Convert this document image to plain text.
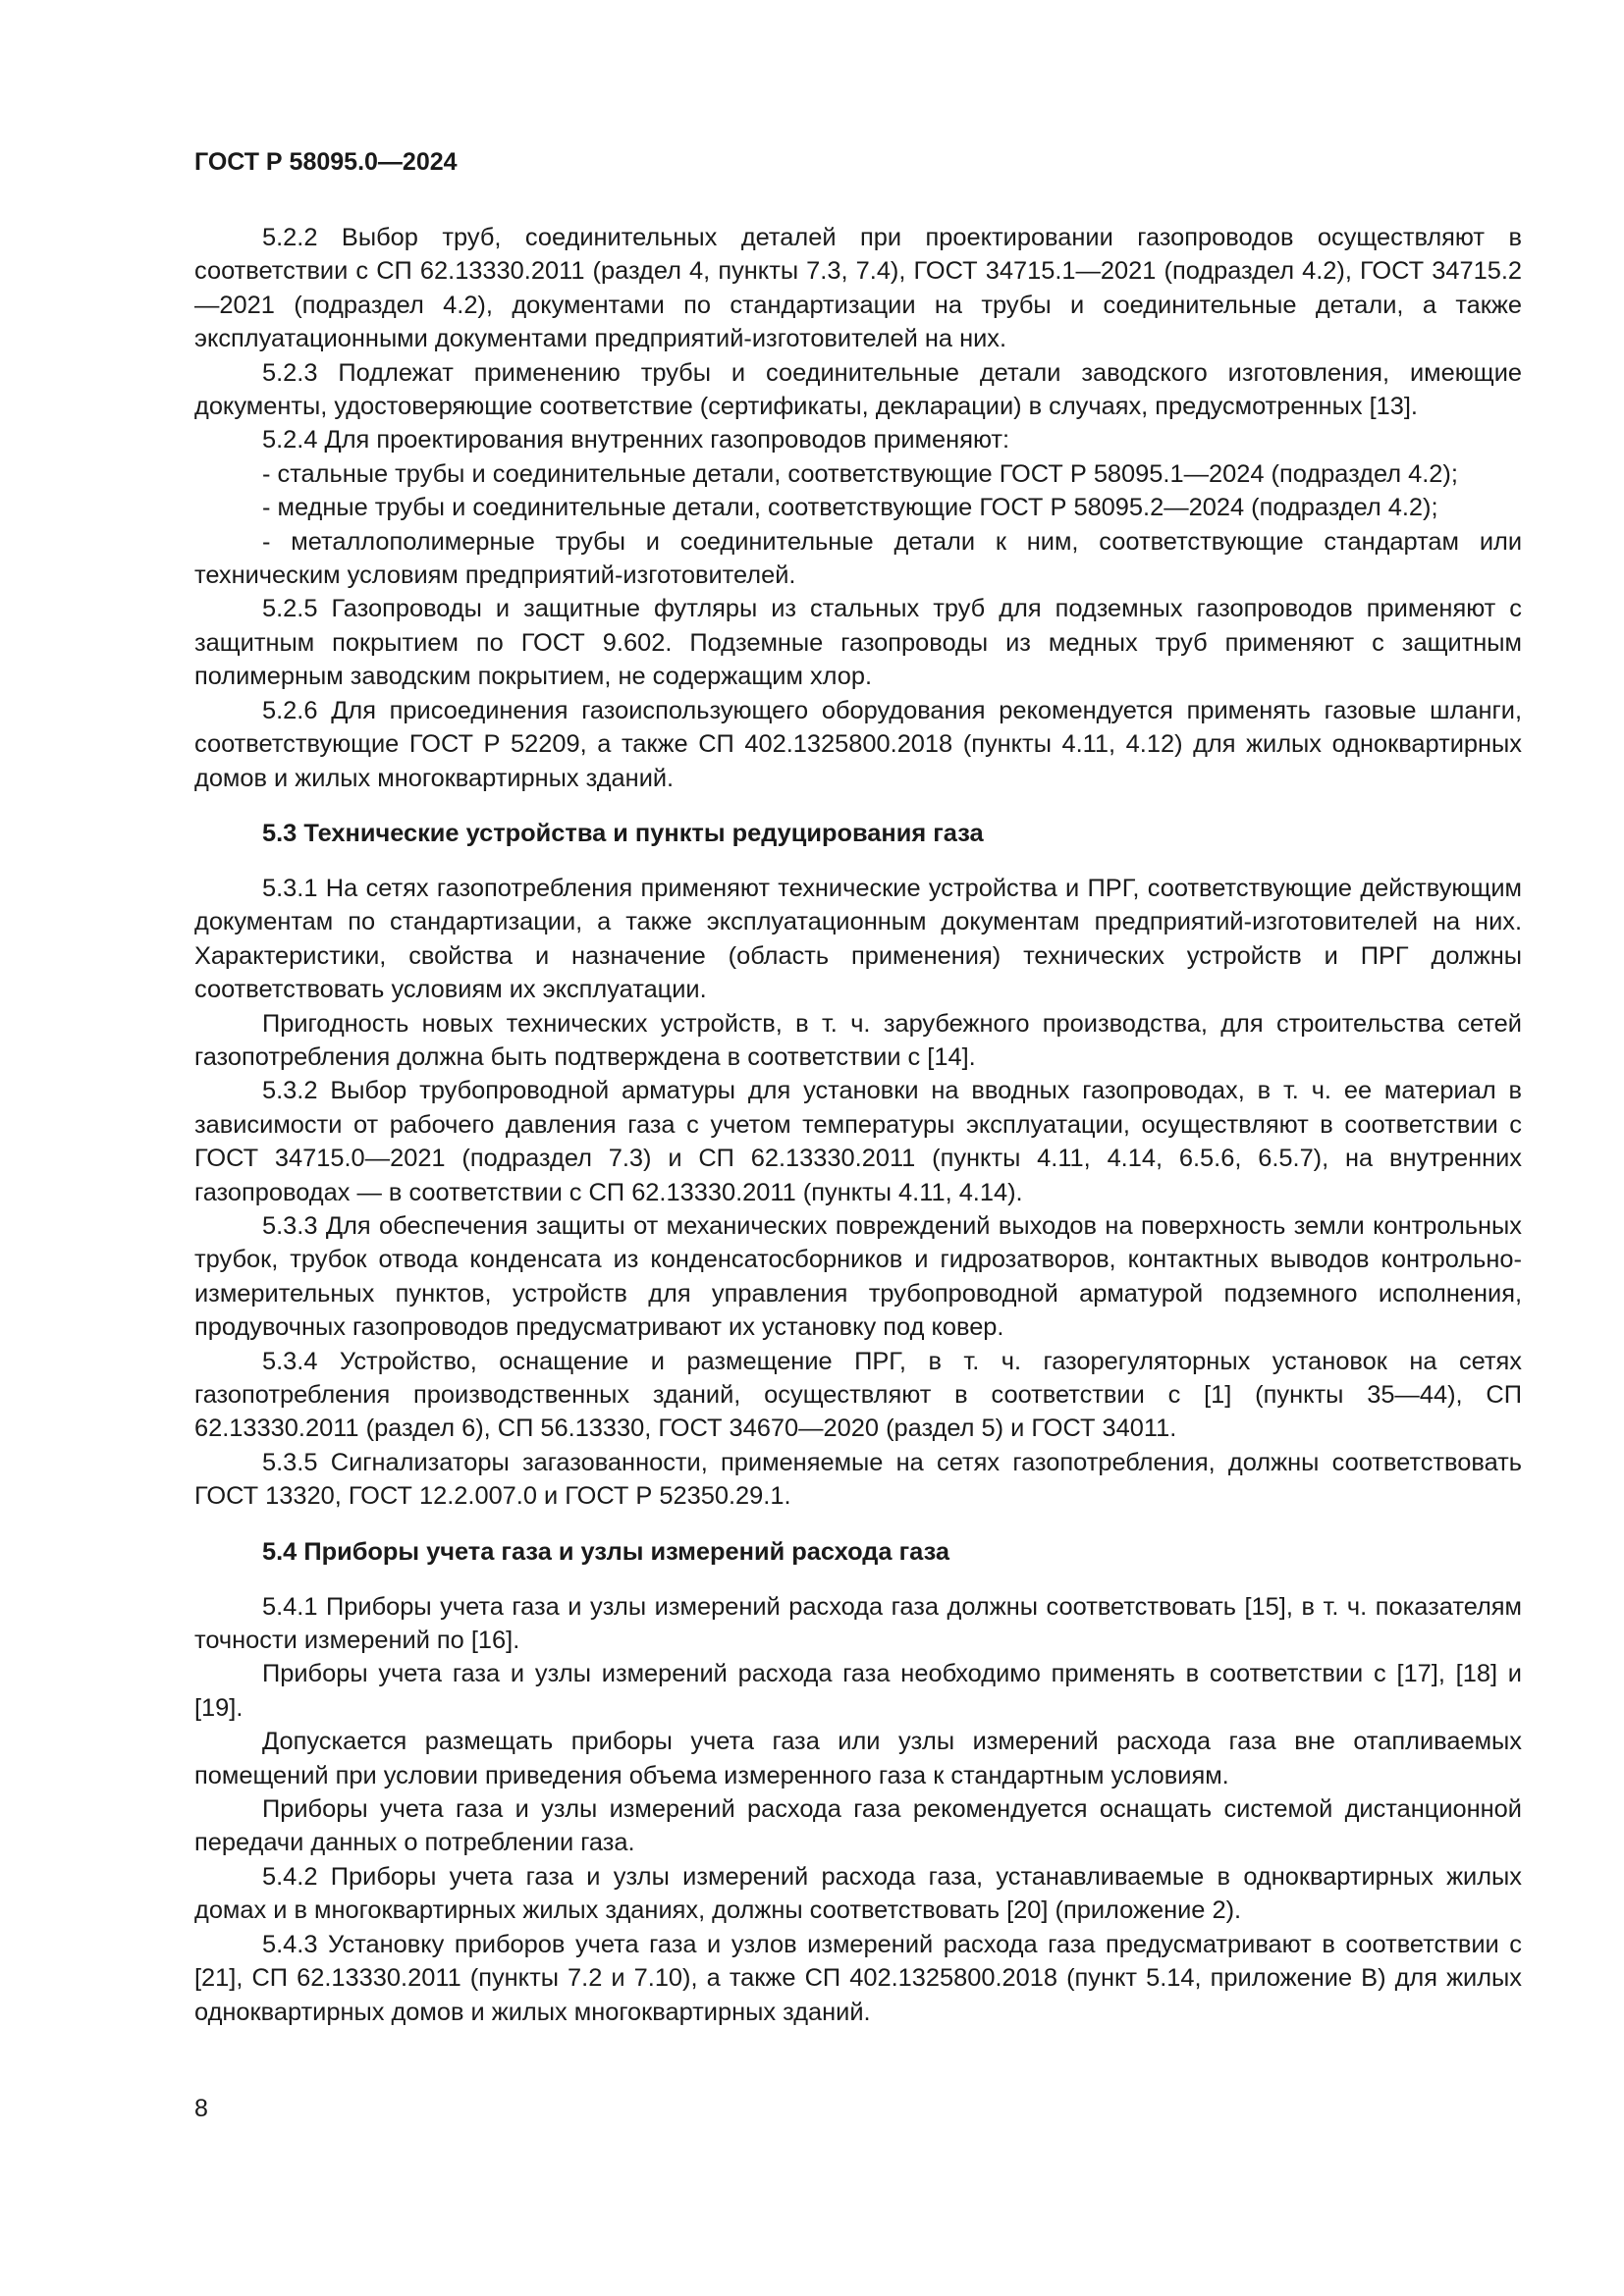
ГОСТ Р 58095.0—2024

5.2.2 Выбор труб, соединительных деталей при проектировании газопроводов осуществляют в соответствии с СП 62.13330.2011 (раздел 4, пункты 7.3, 7.4), ГОСТ 34715.1—2021 (подраздел 4.2), ГОСТ 34715.2—2021 (подраздел 4.2), документами по стандартизации на трубы и соединительные детали, а также эксплуатационными документами предприятий-изготовителей на них.

5.2.3 Подлежат применению трубы и соединительные детали заводского изготовления, имеющие документы, удостоверяющие соответствие (сертификаты, декларации) в случаях, предусмотренных [13].

5.2.4 Для проектирования внутренних газопроводов применяют:

- стальные трубы и соединительные детали, соответствующие ГОСТ Р 58095.1—2024 (подраздел 4.2);

- медные трубы и соединительные детали, соответствующие ГОСТ Р 58095.2—2024 (подраздел 4.2);

- металлополимерные трубы и соединительные детали к ним, соответствующие стандартам или техническим условиям предприятий-изготовителей.

5.2.5 Газопроводы и защитные футляры из стальных труб для подземных газопроводов применяют с защитным покрытием по ГОСТ 9.602. Подземные газопроводы из медных труб применяют с защитным полимерным заводским покрытием, не содержащим хлор.

5.2.6 Для присоединения газоиспользующего оборудования рекомендуется применять газовые шланги, соответствующие ГОСТ Р 52209, а также СП 402.1325800.2018 (пункты 4.11, 4.12) для жилых одноквартирных домов и жилых многоквартирных зданий.

5.3 Технические устройства и пункты редуцирования газа

5.3.1 На сетях газопотребления применяют технические устройства и ПРГ, соответствующие действующим документам по стандартизации, а также эксплуатационным документам предприятий-изготовителей на них. Характеристики, свойства и назначение (область применения) технических устройств и ПРГ должны соответствовать условиям их эксплуатации.

Пригодность новых технических устройств, в т. ч. зарубежного производства, для строительства сетей газопотребления должна быть подтверждена в соответствии с [14].

5.3.2 Выбор трубопроводной арматуры для установки на вводных газопроводах, в т. ч. ее материал в зависимости от рабочего давления газа с учетом температуры эксплуатации, осуществляют в соответствии с ГОСТ 34715.0—2021 (подраздел 7.3) и СП 62.13330.2011 (пункты 4.11, 4.14, 6.5.6, 6.5.7), на внутренних газопроводах — в соответствии с СП 62.13330.2011 (пункты 4.11, 4.14).

5.3.3 Для обеспечения защиты от механических повреждений выходов на поверхность земли контрольных трубок, трубок отвода конденсата из конденсатосборников и гидрозатворов, контактных выводов контрольно-измерительных пунктов, устройств для управления трубопроводной арматурой подземного исполнения, продувочных газопроводов предусматривают их установку под ковер.

5.3.4 Устройство, оснащение и размещение ПРГ, в т. ч. газорегуляторных установок на сетях газопотребления производственных зданий, осуществляют в соответствии с [1] (пункты 35—44), СП 62.13330.2011 (раздел 6), СП 56.13330, ГОСТ 34670—2020 (раздел 5) и ГОСТ 34011.

5.3.5 Сигнализаторы загазованности, применяемые на сетях газопотребления, должны соответствовать ГОСТ 13320, ГОСТ 12.2.007.0 и ГОСТ Р 52350.29.1.

5.4 Приборы учета газа и узлы измерений расхода газа

5.4.1 Приборы учета газа и узлы измерений расхода газа должны соответствовать [15], в т. ч. показателям точности измерений по [16].

Приборы учета газа и узлы измерений расхода газа необходимо применять в соответствии с [17], [18] и [19].

Допускается размещать приборы учета газа или узлы измерений расхода газа вне отапливаемых помещений при условии приведения объема измеренного газа к стандартным условиям.

Приборы учета газа и узлы измерений расхода газа рекомендуется оснащать системой дистанционной передачи данных о потреблении газа.

5.4.2 Приборы учета газа и узлы измерений расхода газа, устанавливаемые в одноквартирных жилых домах и в многоквартирных жилых зданиях, должны соответствовать [20] (приложение 2).

5.4.3 Установку приборов учета газа и узлов измерений расхода газа предусматривают в соответствии с [21], СП 62.13330.2011 (пункты 7.2 и 7.10), а также СП 402.1325800.2018 (пункт 5.14, приложение В) для жилых одноквартирных домов и жилых многоквартирных зданий.

8
